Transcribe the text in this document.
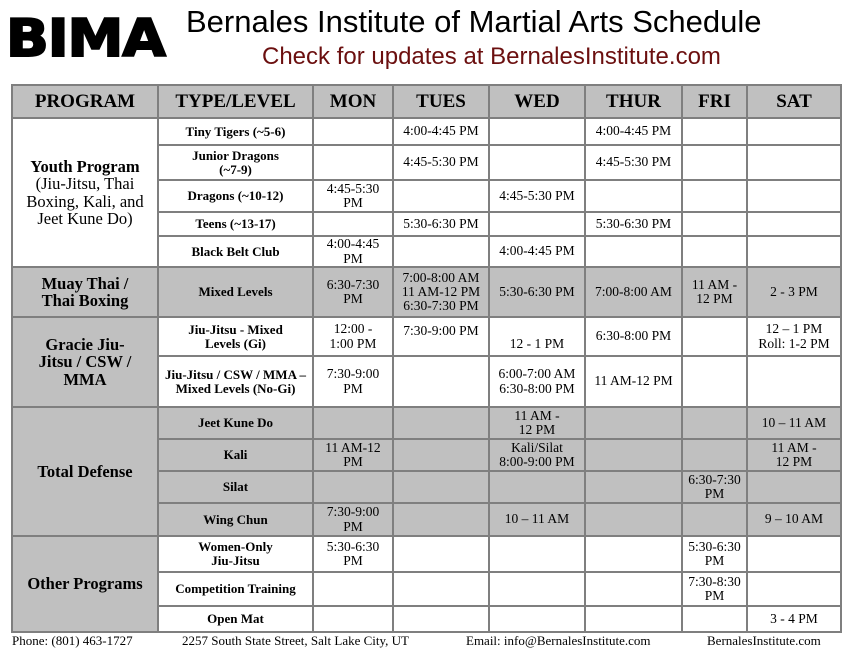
BIMA Bernales Institute of Martial Arts Schedule
Check for updates at BernalesInstitute.com
PROGRAM	TYPE/LEVEL	MON	TUES	WED	THUR	FRI	SAT

Youth Program
(Jiu-Jitsu, Thai Boxing, Kali, and Jeet Kune Do)	Tiny Tigers (~5-6)		4:00-4:45 PM		4:00-4:45 PM		
	Junior Dragons (~7-9)		4:45-5:30 PM		4:45-5:30 PM		
	Dragons (~10-12)	4:45-5:30 PM		4:45-5:30 PM			
	Teens (~13-17)		5:30-6:30 PM		5:30-6:30 PM		
	Black Belt Club	4:00-4:45 PM		4:00-4:45 PM			
Muay Thai / Thai Boxing	Mixed Levels	6:30-7:30 PM	7:00-8:00 AM 11 AM-12 PM 6:30-7:30 PM	5:30-6:30 PM	7:00-8:00 AM	11 AM - 12 PM	2 - 3 PM
Gracie Jiu-Jitsu / CSW / MMA	Jiu-Jitsu - Mixed Levels (Gi)	12:00 - 1:00 PM	7:30-9:00 PM	12 - 1 PM	6:30-8:00 PM		12 – 1 PM Roll: 1-2 PM
	Jiu-Jitsu / CSW / MMA – Mixed Levels (No-Gi)	7:30-9:00 PM		6:00-7:00 AM 6:30-8:00 PM	11 AM-12 PM		
Total Defense	Jeet Kune Do			11 AM - 12 PM			10 – 11 AM
	Kali	11 AM-12 PM		Kali/Silat 8:00-9:00 PM			11 AM - 12 PM
	Silat					6:30-7:30 PM	
	Wing Chun	7:30-9:00 PM		10 – 11 AM			9 – 10 AM
Other Programs	Women-Only Jiu-Jitsu	5:30-6:30 PM				5:30-6:30 PM	
	Competition Training					7:30-8:30 PM	
	Open Mat						3 - 4 PM
Phone: (801) 463-1727	2257 South State Street, Salt Lake City, UT	Email: info@BernalesInstitute.com	BernalesInstitute.com
